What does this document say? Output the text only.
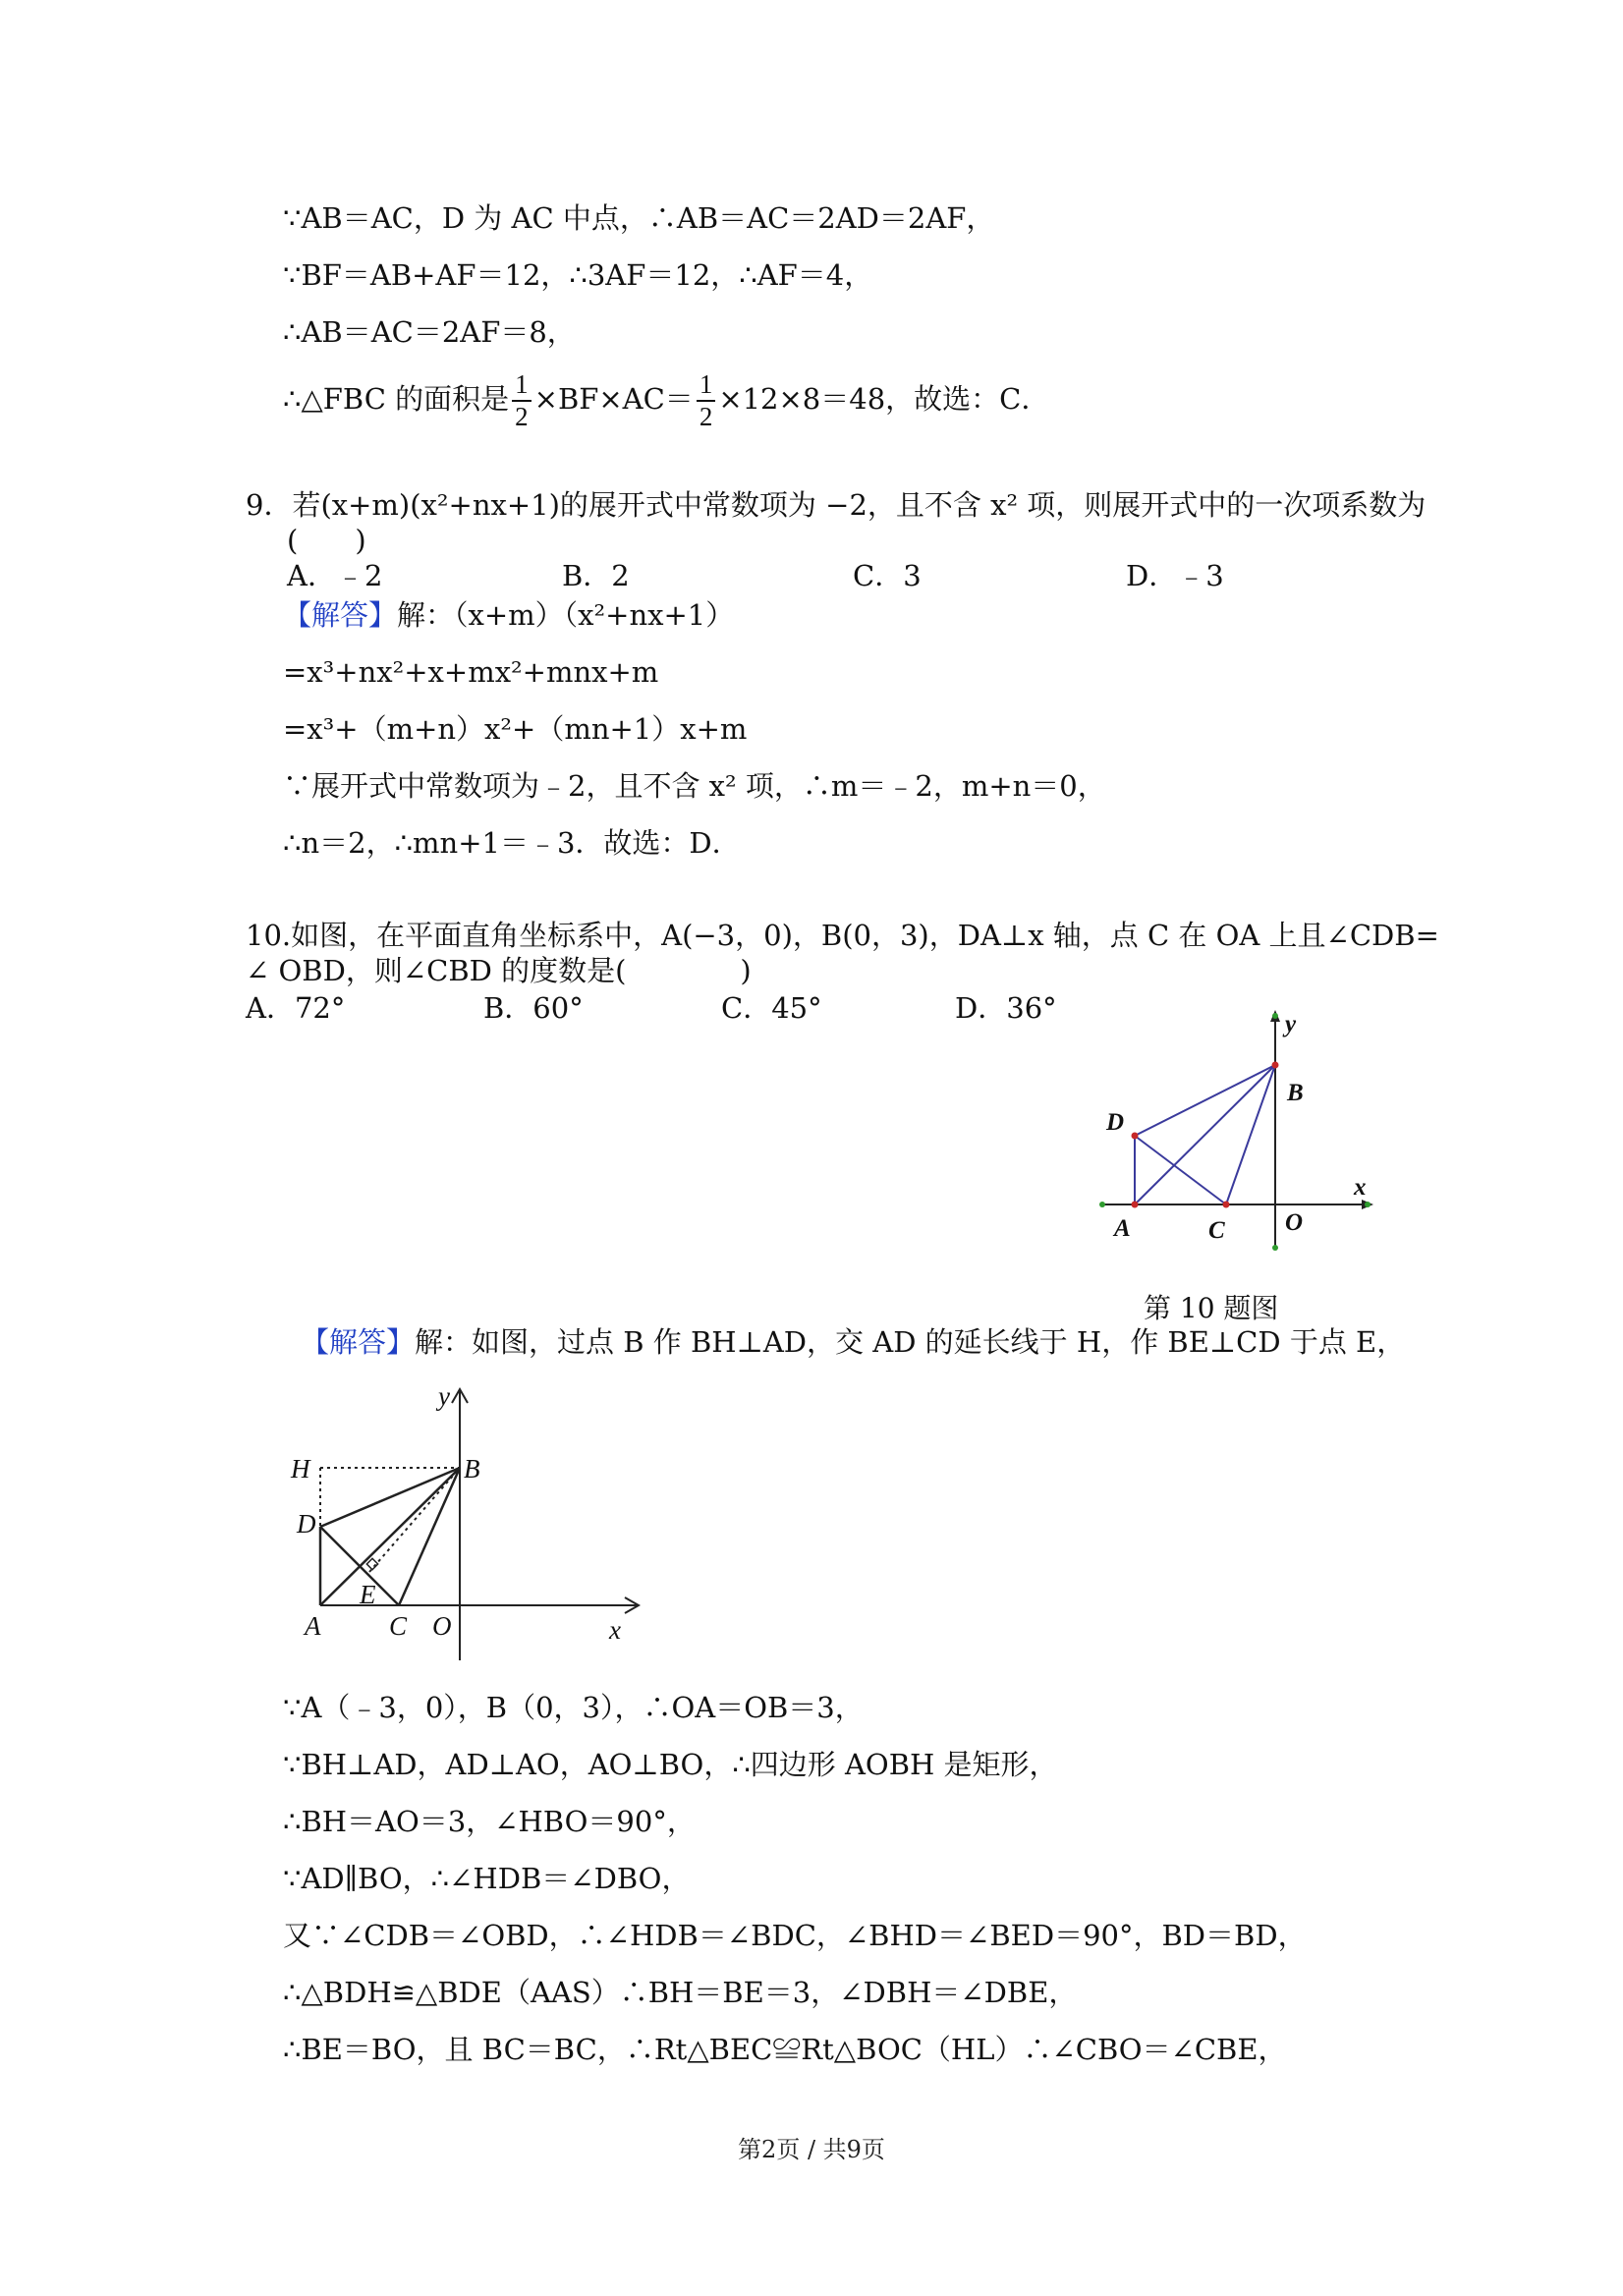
∵AB＝AC，D 为 AC 中点，∴AB＝AC＝2AD＝2AF，
∵BF＝AB+AF＝12，∴3AF＝12，∴AF＝4，
∴AB＝AC＝2AF＝8，
∴△FBC 的面积是 $\frac{1}{2} \times BF\times AC= \frac{1}{2} \times 12\times 8=48$，故选：C．
9．若(x+m)(x²+nx+1)的展开式中常数项为 −2，且不含 x² 项，则展开式中的一次项系数为
(　　)
A．﹣2	B．2	C．3	D．﹣3
【解答】解：（x+m）（x²+nx+1）
=x³+nx²+x+mx²+mnx+m
=x³+（m+n）x²+（mn+1）x+m
∵展开式中常数项为﹣2，且不含 x² 项，∴m＝﹣2，m+n＝0，
∴n＝2，∴mn+1＝﹣3．故选：D．
10.如图，在平面直角坐标系中，A(−3，0)，B(0，3)，DA⊥x 轴，点 C 在 OA 上且∠CDB=
∠ OBD，则∠CBD 的度数是(　　　　)
A．72°	B．60°	C．45°	D．36°	y
x
B
D
A	C O
第 10 题图
【解答】解：如图，过点 B 作 BH⊥AD，交 AD 的延长线于 H，作 BE⊥CD 于点 E，
y
x
H	B
D
E
A	C O
∵A（﹣3，0），B（0，3），∴OA＝OB＝3，
∵BH⊥AD，AD⊥AO，AO⊥BO，∴四边形 AOBH 是矩形，
∴BH＝AO＝3，∠HBO＝90°，
∵AD∥BO，∴∠HDB＝∠DBO，
又∵∠CDB＝∠OBD，∴∠HDB＝∠BDC，∠BHD＝∠BED＝90°，BD＝BD，
∴△BDH≌△BDE（AAS）∴BH＝BE＝3，∠DBH＝∠DBE，
∴BE＝BO，且 BC＝BC，∴Rt△BEC≌Rt△BOC（HL）∴∠CBO＝∠CBE，
第2页 / 共9页
